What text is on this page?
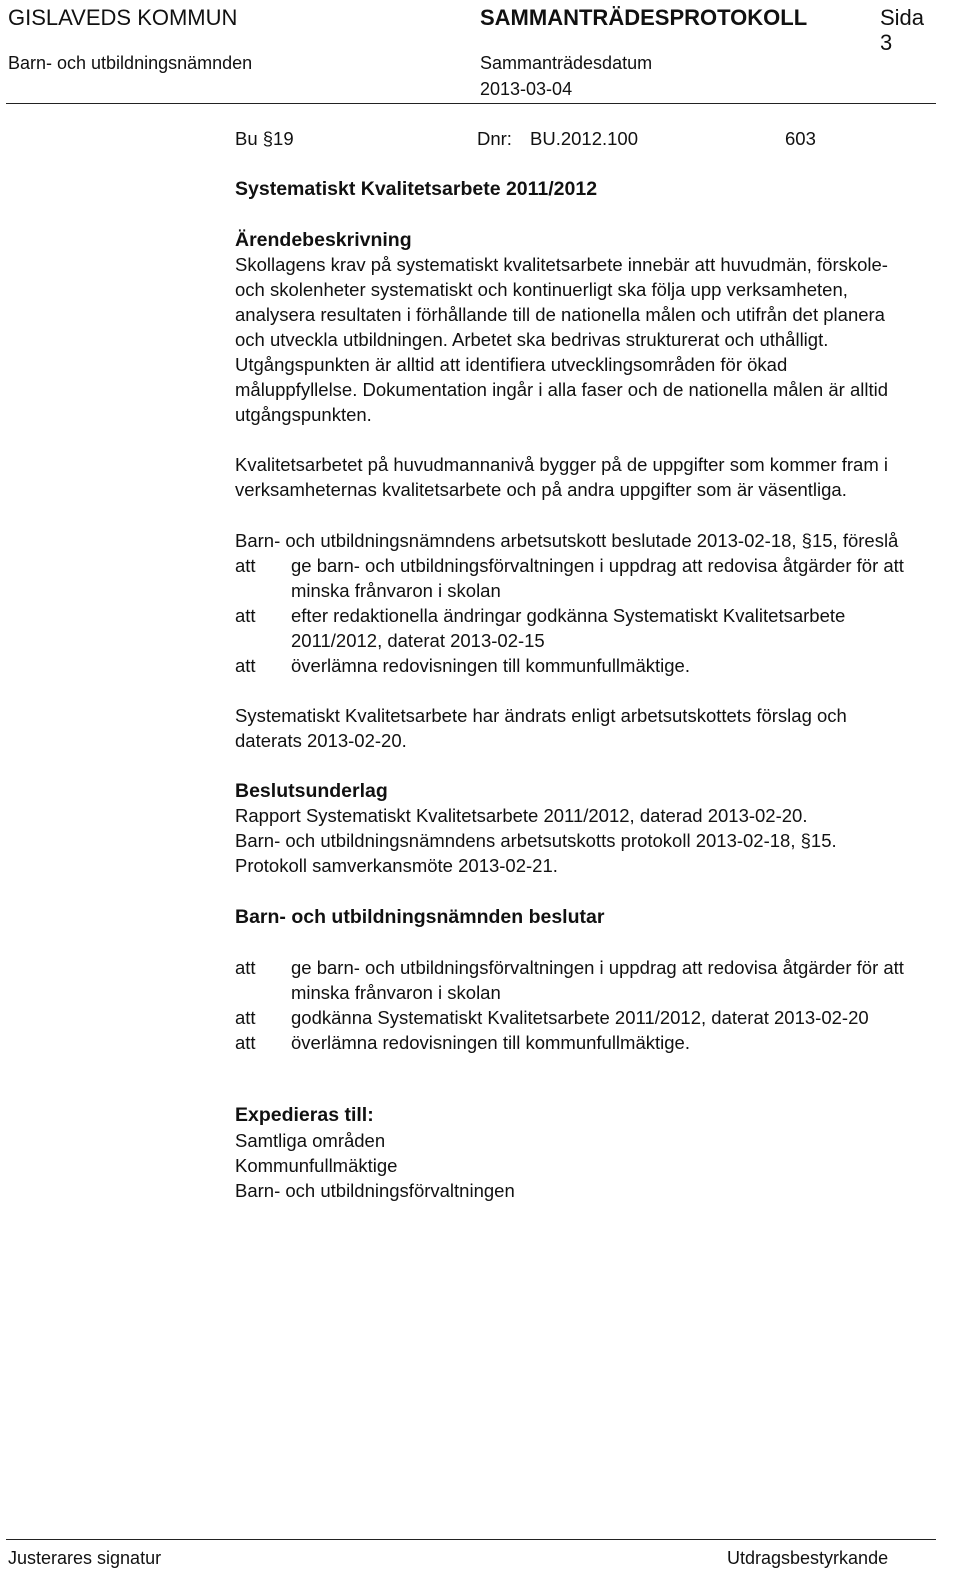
GISLAVEDS KOMMUN	SAMMANTRÄDESPROTOKOLL	Sida
3
Barn- och utbildningsnämnden	Sammanträdesdatum
2013-03-04
Bu §19	Dnr: BU.2012.100	603
Systematiskt Kvalitetsarbete 2011/2012
Ärendebeskrivning
Skollagens krav på systematiskt kvalitetsarbete innebär att huvudmän, förskole-
och skolenheter systematiskt och kontinuerligt ska följa upp verksamheten,
analysera resultaten i förhållande till de nationella målen och utifrån det planera
och utveckla utbildningen. Arbetet ska bedrivas strukturerat och uthålligt.
Utgångspunkten är alltid att identifiera utvecklingsområden för ökad
måluppfyllelse. Dokumentation ingår i alla faser och de nationella målen är alltid
utgångspunkten.
Kvalitetsarbetet på huvudmannanivå bygger på de uppgifter som kommer fram i
verksamheternas kvalitetsarbete och på andra uppgifter som är väsentliga.
Barn- och utbildningsnämndens arbetsutskott beslutade 2013-02-18, §15, föreslå
att ge barn- och utbildningsförvaltningen i uppdrag att redovisa åtgärder för att
minska frånvaron i skolan
att efter redaktionella ändringar godkänna Systematiskt Kvalitetsarbete
2011/2012, daterat 2013-02-15
att överlämna redovisningen till kommunfullmäktige.
Systematiskt Kvalitetsarbete har ändrats enligt arbetsutskottets förslag och
daterats 2013-02-20.
Beslutsunderlag
Rapport Systematiskt Kvalitetsarbete 2011/2012, daterad 2013-02-20.
Barn- och utbildningsnämndens arbetsutskotts protokoll 2013-02-18, §15.
Protokoll samverkansmöte 2013-02-21.
Barn- och utbildningsnämnden beslutar
att ge barn- och utbildningsförvaltningen i uppdrag att redovisa åtgärder för att
minska frånvaron i skolan
att godkänna Systematiskt Kvalitetsarbete 2011/2012, daterat 2013-02-20
att överlämna redovisningen till kommunfullmäktige.
Expedieras till:
Samtliga områden
Kommunfullmäktige
Barn- och utbildningsförvaltningen
Justerares signatur	Utdragsbestyrkande
